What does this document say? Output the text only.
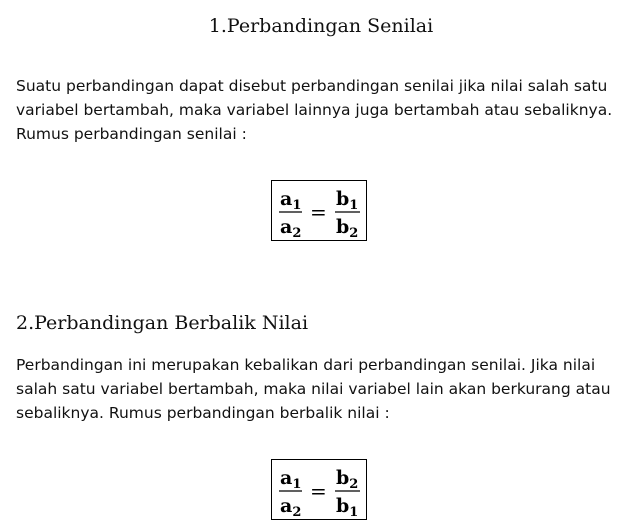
1.Perbandingan Senilai

Suatu perbandingan dapat disebut perbandingan senilai jika nilai salah satu variabel bertambah, maka variabel lainnya juga bertambah atau sebaliknya. Rumus perbandingan senilai :

$a_1$
$a_2$
=
$b_1$
$b_2$
2.Perbandingan Berbalik Nilai

Perbandingan ini merupakan kebalikan dari perbandingan senilai. Jika nilai salah satu variabel bertambah, maka nilai variabel lain akan berkurang atau sebaliknya. Rumus perbandingan berbalik nilai :

$a_1$
$a_2$
=
$b_2$
$b_1$
